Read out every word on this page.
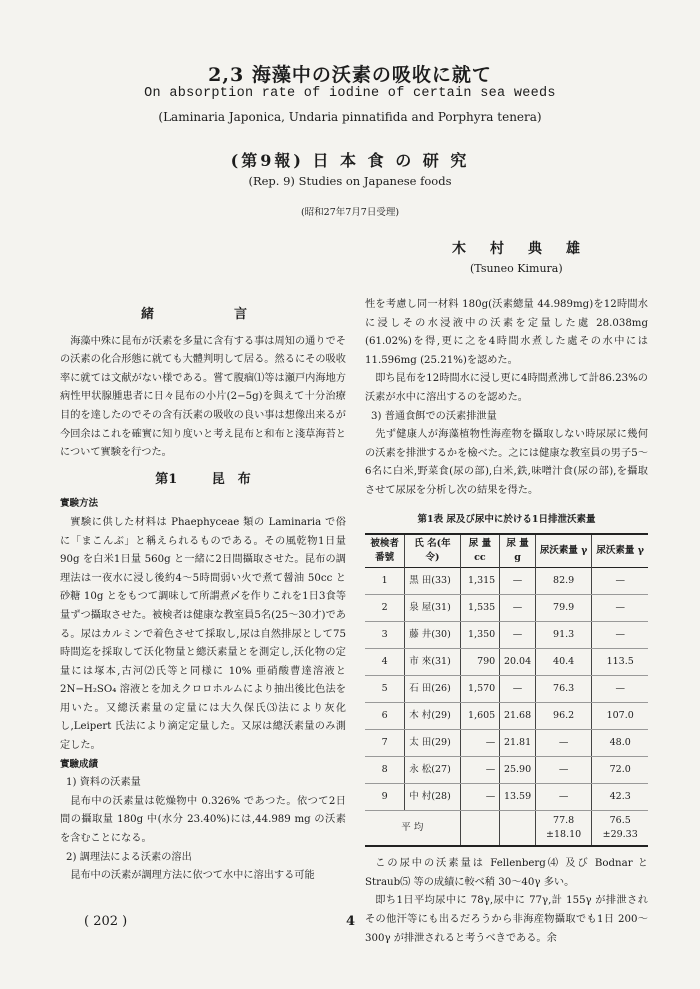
2,3 海藻中の沃素の吸收に就て
On absorption rate of iodine of certain sea weeds
(Laminaria Japonica, Undaria pinnatifida and Porphyra tenera)
(第9報) 日 本 食 の 研 究
(Rep. 9) Studies on Japanese foods
(昭和27年7月7日受理)
木村典雄
(Tsuneo Kimura)
緒　　言

海藻中殊に昆布が沃素を多量に含有する事は周知の通りでその沃素の化合形態に就ても大體判明して居る。然るにその吸收率に就ては文献がない様である。嘗て腹痼⑴等は瀬戸内海地方病性甲状腺腫患者に日々昆布の小片(2−5g)を與えて十分治療目的を達したのでその含有沃素の吸收の良い事は想像出来るが今回余はこれを確實に知り度いと考え昆布と和布と淺草海苔とについて實験を行つた。

第1 昆　布

實験方法

實験に供した材料は Phaephyceae 類の Laminaria で俗に「まこんぶ」と稱えられるものである。その風乾物1日量 90g を白米1日量 560g と一緒に2日間攝取させた。昆布の調理法は一夜水に浸し後約4〜5時間弱い火で煮て醤油 50cc と砂糖 10g とをもつて調味して所謂煮〆を作りこれを1日3食等量ずつ攝取させた。被検者は健康な教室員5名(25〜30才)である。尿はカルミンで着色させて採取し,尿は自然排尿として75時間迄を採取して沃化物量と總沃素量とを測定し,沃化物の定量には塚本,古河⑵氏等と同様に 10% 亜硝酸曹達溶液と 2N−H₂SO₄ 溶液とを加えクロロホルムにより抽出後比色法を用いた。又總沃素量の定量には大久保氏⑶法により灰化し,Leipert 氏法により滴定定量した。又尿は總沃素量のみ測定した。

實驗成績

1) 資料の沃素量

昆布中の沃素量は乾燥物中 0.326% であつた。依つて2日間の攝取量 180g 中(水分 23.40%)には,44.989 mg の沃素を含むことになる。

2) 調理法による沃素の溶出

昆布中の沃素が調理方法に依つて水中に溶出する可能

性を考慮し同一材料 180g(沃素總量 44.989mg)を12時間水に浸しその水浸液中の沃素を定量した處 28.038mg (61.02%)を得,更に之を4時間水煮した處その水中には 11.596mg (25.21%)を認めた。

即ち昆布を12時間水に浸し更に4時間煮沸して計86.23%の沃素が水中に溶出するのを認めた。

3) 普通食餌での沃素排泄量

先ず健康人が海藻植物性海産物を攝取しない時尿尿に幾何の沃素を排泄するかを檢べた。之には健康な教室員の男子5〜6名に白米,野菜食(尿の部),白米,鉄,味噌汁食(尿の部),を攝取させて尿尿を分析し次の結果を得た。

第1表 尿及び尿中に於ける1日排泄沃素量
被検者番號	氏 名(年 令)	尿 量 cc	尿 量 g	尿沃素量 γ	尿沃素量 γ
1	黒 田(33)	1,315	—	82.9	—
2	泉 屋(31)	1,535	—	79.9	—
3	藤 井(30)	1,350	—	91.3	—
4	市 來(31)	790	20.04	40.4	113.5
5	石 田(26)	1,570	—	76.3	—
6	木 村(29)	1,605	21.68	96.2	107.0
7	太 田(29)	—	21.81	—	48.0
8	永 松(27)	—	25.90	—	72.0
9	中 村(28)	—	13.59	—	42.3
平 均				77.8 ±18.10	76.5 ±29.33

この尿中の沃素量は Fellenberg⑷ 及び Bodnar と Straub⑸ 等の成績に較べ稍 30〜40γ 多い。

即ち1日平均尿中に 78γ,尿中に 77γ,計 155γ が排泄されその他汗等にも出るだろうから非海産物攝取でも1日 200〜300γ が排泄されると考うべきである。余

( 202 )	4
